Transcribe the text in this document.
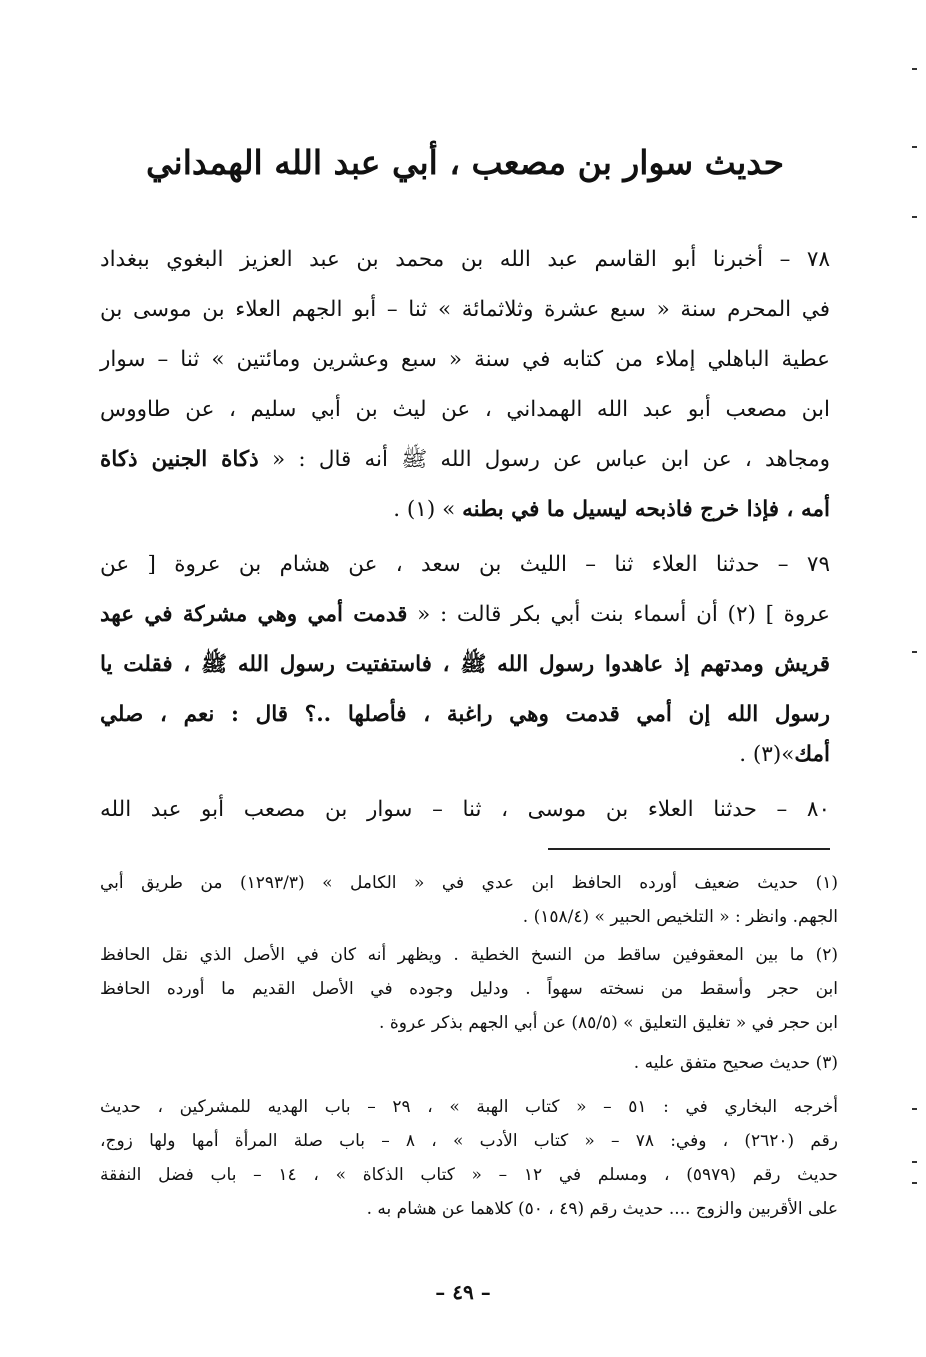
حديث سوار بن مصعب ، أبي عبد الله الهمداني
٧٨ – أخبرنا أبو القاسم عبد الله بن محمد بن عبد العزيز البغوي ببغداد
في المحرم سنة « سبع عشرة وثلاثمائة » ثنا – أبو الجهم العلاء بن موسى بن
عطية الباهلي إملاء من كتابه في سنة « سبع وعشرين ومائتين » ثنا – سوار
ابن مصعب أبو عبد الله الهمداني ، عن ليث بن أبي سليم ، عن طاووس
ومجاهد ، عن ابن عباس عن رسول الله ﷺ أنه قال : « ذكاة الجنين ذكاة
أمه ، فإذا خرج فاذبحه ليسيل ما في بطنه » (١) .
٧٩ – حدثنا العلاء ثنا – الليث بن سعد ، عن هشام بن عروة [ عن
عروة ] (٢) أن أسماء بنت أبي بكر قالت : « قدمت أمي وهي مشركة في عهد
قريش ومدتهم إذ عاهدوا رسول الله ﷺ ، فاستفتيت رسول الله ﷺ ، فقلت يا
رسول الله إن أمي قدمت وهي راغبة ، فأصلها ..؟ قال : نعم ، صلي
أمك»(٣) .
٨٠ – حدثنا العلاء بن موسى ، ثنا – سوار بن مصعب أبو عبد الله
(١) حديث ضعيف أورده الحافظ ابن عدي في « الكامل » (١٢٩٣/٣) من طريق أبي
الجهم. وانظر : « التلخيص الحبير » (١٥٨/٤) .
(٢) ما بين المعقوفين ساقط من النسخ الخطية . ويظهر أنه كان في الأصل الذي نقل الحافظ
ابن حجر وأسقط من نسخته سهواً . ودليل وجوده في الأصل القديم ما أورده الحافظ
ابن حجر في « تغليق التعليق » (٨٥/٥) عن أبي الجهم بذكر عروة .
(٣) حديث صحيح متفق عليه .
أخرجه البخاري في : ٥١ – « كتاب الهبة » ، ٢٩ – باب الهديه للمشركين ، حديث
رقم (٢٦٢٠) ، وفي: ٧٨ – « كتاب الأدب » ، ٨ – باب صلة المرأة أمها ولها زوج،
حديث رقم (٥٩٧٩) ، ومسلم في ١٢ – « كتاب الذكاة » ، ١٤ – باب فضل النفقة
على الأقربين والزوج .... حديث رقم (٤٩ ، ٥٠) كلاهما عن هشام به .
– ٤٩ –
